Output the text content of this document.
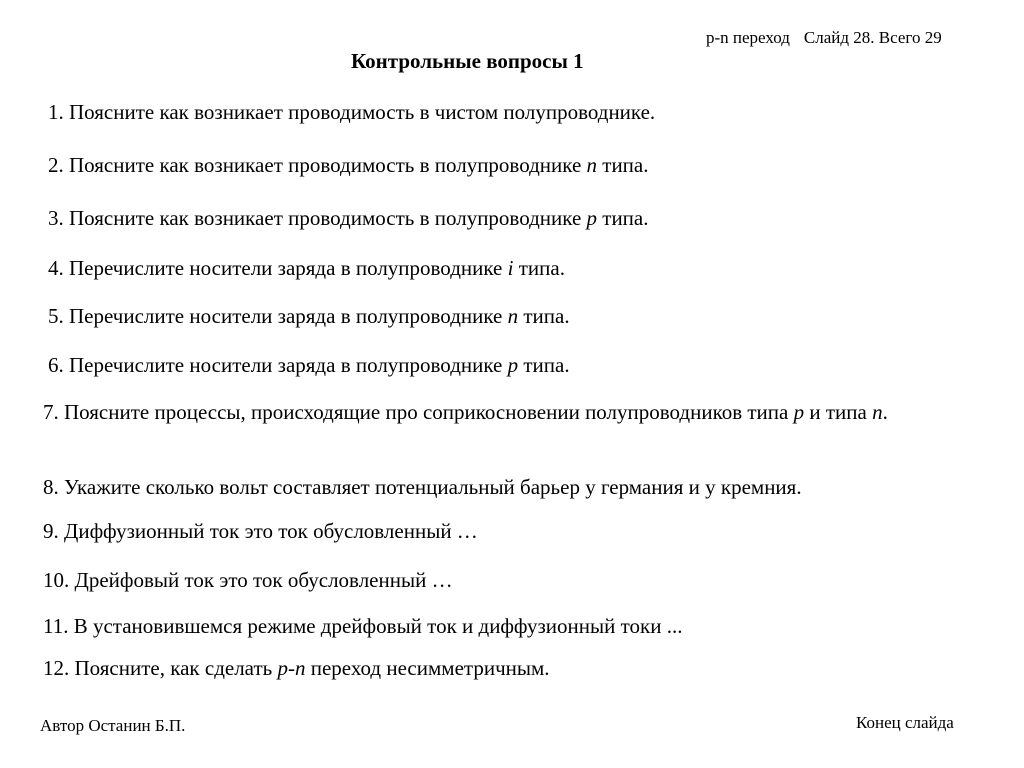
p-n переход Слайд 28. Всего 29
Контрольные вопросы 1
1. Поясните как возникает проводимость в чистом полупроводнике.
2. Поясните как возникает проводимость в полупроводнике n типа.
3. Поясните как возникает проводимость в полупроводнике p типа.
4. Перечислите носители заряда в полупроводнике i типа.
5. Перечислите носители заряда в полупроводнике n типа.
6. Перечислите носители заряда в полупроводнике p типа.
7. Поясните процессы, происходящие про соприкосновении полупроводников типа p и типа n.
8. Укажите сколько вольт составляет потенциальный барьер у германия и у кремния.
9. Диффузионный ток это ток обусловленный …
10. Дрейфовый ток это ток обусловленный …
11. В установившемся режиме дрейфовый ток и диффузионный токи ...
12. Поясните, как сделать p-n переход несимметричным.
Автор Останин Б.П.	Конец слайда
